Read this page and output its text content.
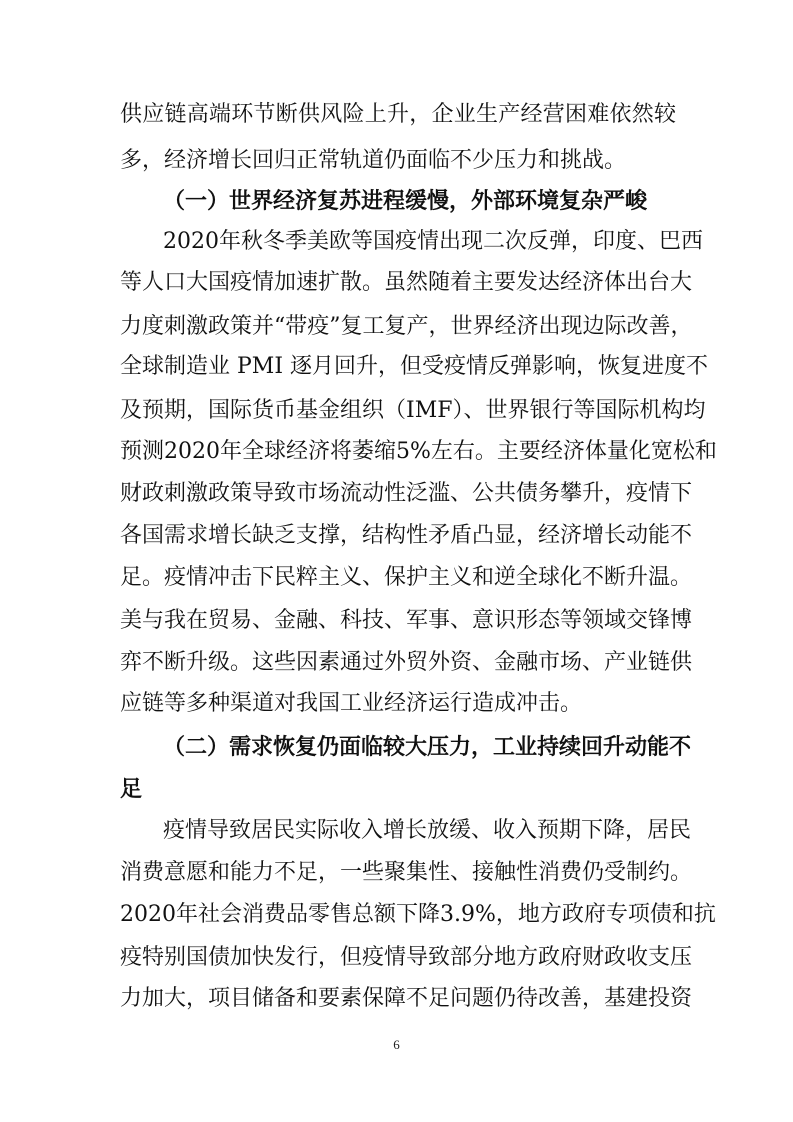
供应链高端环节断供风险上升，企业生产经营困难依然较
多，经济增长回归正常轨道仍面临不少压力和挑战。
（一）世界经济复苏进程缓慢，外部环境复杂严峻
2020年秋冬季美欧等国疫情出现二次反弹，印度、巴西
等人口大国疫情加速扩散。虽然随着主要发达经济体出台大
力度刺激政策并“带疫”复工复产，世界经济出现边际改善，
全球制造业 PMI 逐月回升，但受疫情反弹影响，恢复进度不
及预期，国际货币基金组织（IMF）、世界银行等国际机构均
预测2020年全球经济将萎缩5%左右。主要经济体量化宽松和
财政刺激政策导致市场流动性泛滥、公共债务攀升，疫情下
各国需求增长缺乏支撑，结构性矛盾凸显，经济增长动能不
足。疫情冲击下民粹主义、保护主义和逆全球化不断升温。
美与我在贸易、金融、科技、军事、意识形态等领域交锋博
弈不断升级。这些因素通过外贸外资、金融市场、产业链供
应链等多种渠道对我国工业经济运行造成冲击。
（二）需求恢复仍面临较大压力，工业持续回升动能不
足
疫情导致居民实际收入增长放缓、收入预期下降，居民
消费意愿和能力不足，一些聚集性、接触性消费仍受制约。
2020年社会消费品零售总额下降3.9%，地方政府专项债和抗
疫特别国债加快发行，但疫情导致部分地方政府财政收支压
力加大，项目储备和要素保障不足问题仍待改善，基建投资
6
